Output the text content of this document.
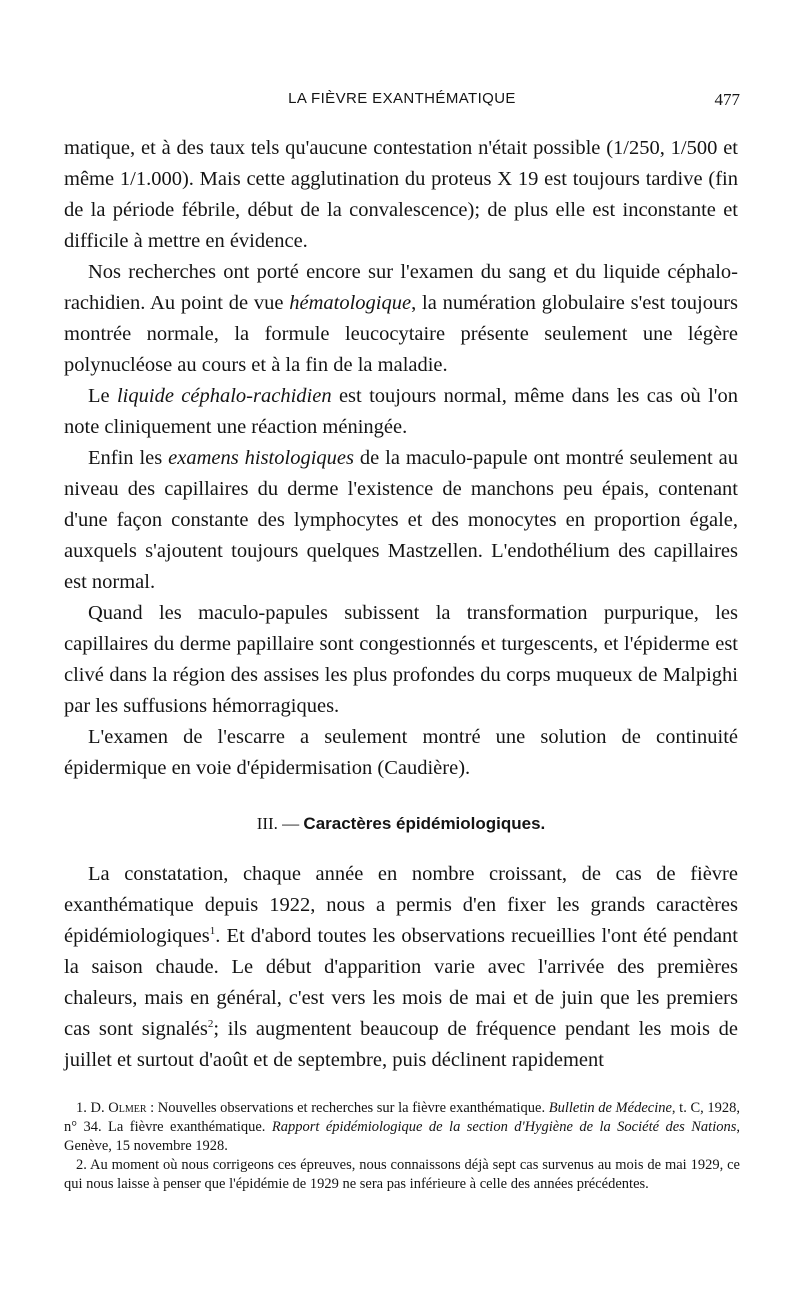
LA FIÈVRE EXANTHÉMATIQUE	477

matique, et à des taux tels qu'aucune contestation n'était possible (1/250, 1/500 et même 1/1.000). Mais cette agglutination du proteus X 19 est toujours tardive (fin de la période fébrile, début de la convalescence); de plus elle est inconstante et difficile à mettre en évidence.

Nos recherches ont porté encore sur l'examen du sang et du liquide céphalo-rachidien. Au point de vue hématologique, la numération globulaire s'est toujours montrée normale, la formule leucocytaire présente seulement une légère polynucléose au cours et à la fin de la maladie.

Le liquide céphalo-rachidien est toujours normal, même dans les cas où l'on note cliniquement une réaction méningée.

Enfin les examens histologiques de la maculo-papule ont montré seulement au niveau des capillaires du derme l'existence de manchons peu épais, contenant d'une façon constante des lymphocytes et des monocytes en proportion égale, auxquels s'ajoutent toujours quelques Mastzellen. L'endothélium des capillaires est normal.

Quand les maculo-papules subissent la transformation purpurique, les capillaires du derme papillaire sont congestionnés et turgescents, et l'épiderme est clivé dans la région des assises les plus profondes du corps muqueux de Malpighi par les suffusions hémorragiques.

L'examen de l'escarre a seulement montré une solution de continuité épidermique en voie d'épidermisation (Caudière).

III. — Caractères épidémiologiques.

La constatation, chaque année en nombre croissant, de cas de fièvre exanthématique depuis 1922, nous a permis d'en fixer les grands caractères épidémiologiques$^1$. Et d'abord toutes les observations recueillies l'ont été pendant la saison chaude. Le début d'apparition varie avec l'arrivée des premières chaleurs, mais en général, c'est vers les mois de mai et de juin que les premiers cas sont signalés$^2$; ils augmentent beaucoup de fréquence pendant les mois de juillet et surtout d'août et de septembre, puis déclinent rapidement

1. D. Olmer : Nouvelles observations et recherches sur la fièvre exanthématique. Bulletin de Médecine, t. C, 1928, n° 34. La fièvre exanthématique. Rapport épidémiologique de la section d'Hygiène de la Société des Nations, Genève, 15 novembre 1928.

2. Au moment où nous corrigeons ces épreuves, nous connaissons déjà sept cas survenus au mois de mai 1929, ce qui nous laisse à penser que l'épidémie de 1929 ne sera pas inférieure à celle des années précédentes.
